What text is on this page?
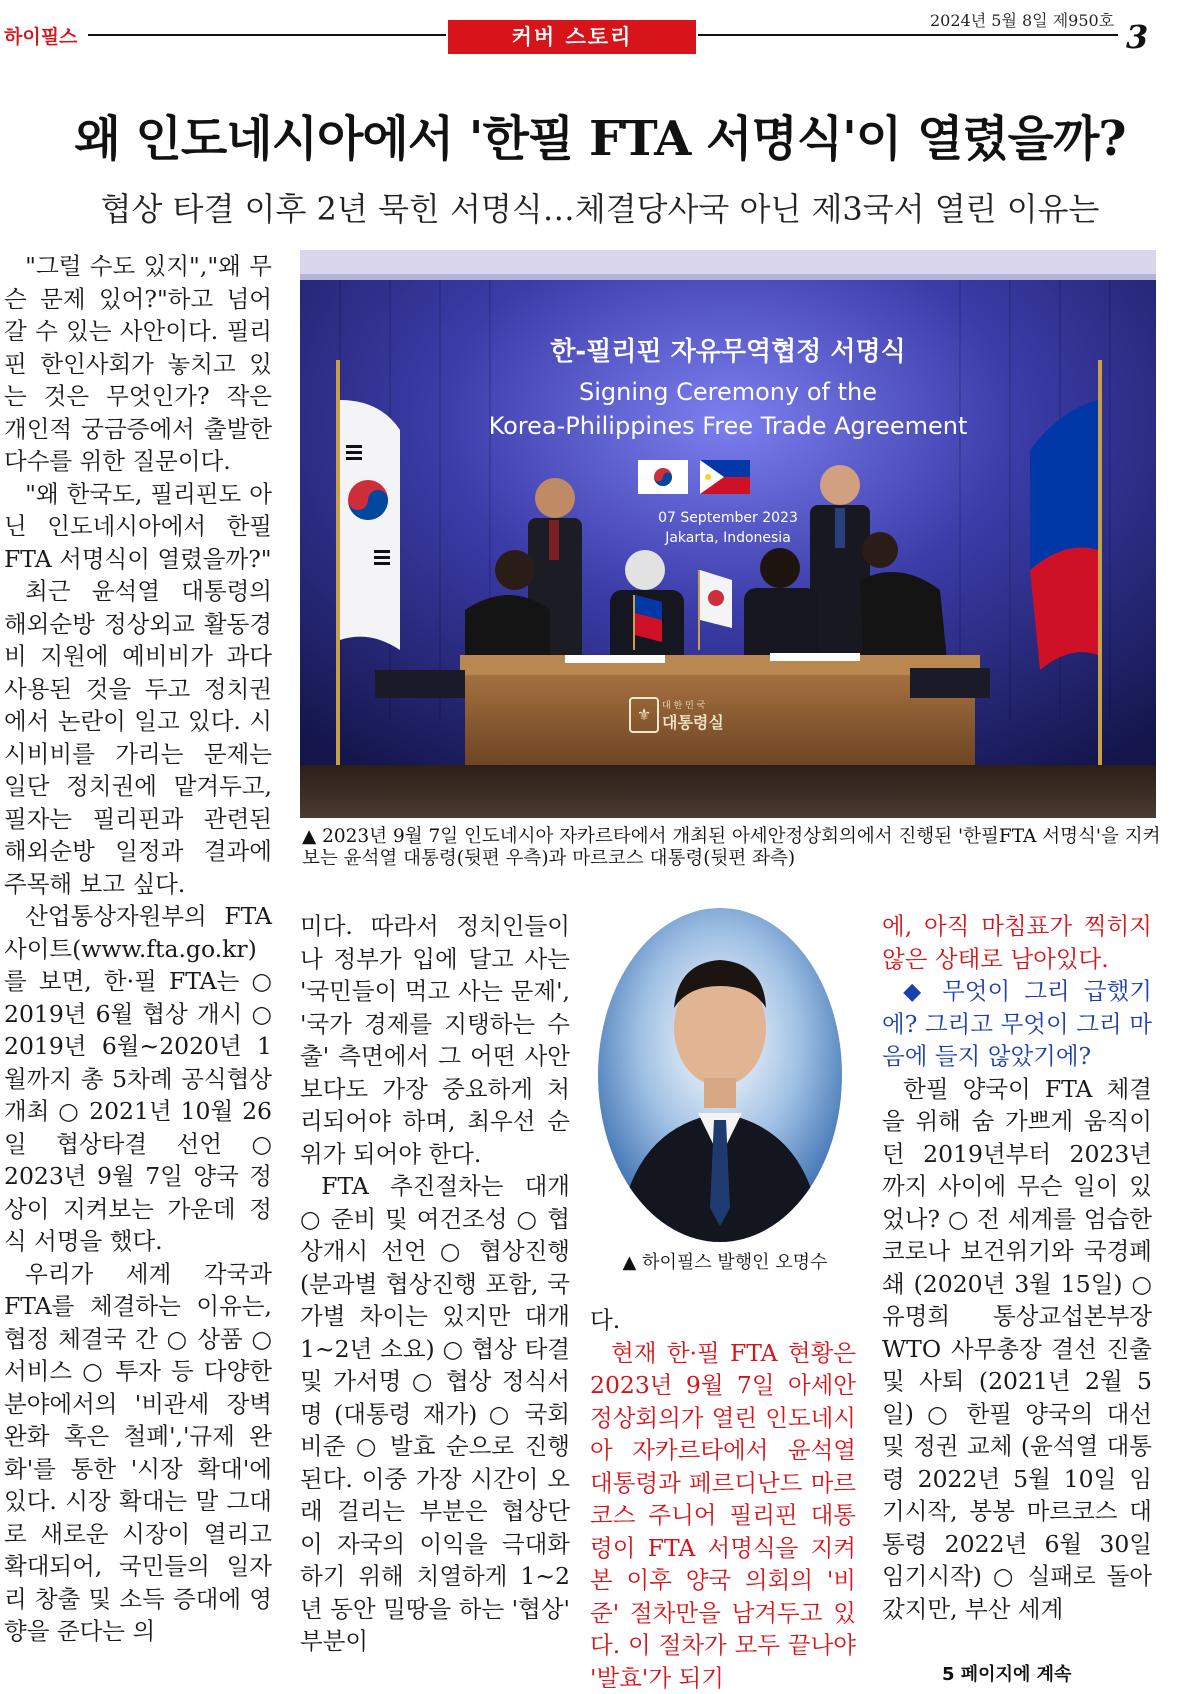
하이필스	커버 스토리
2024년 5월 8일 제950호 3
왜 인도네시아에서 '한필 FTA 서명식'이 열렸을까?
협상 타결 이후 2년 묵힌 서명식…체결당사국 아닌 제3국서 열린 이유는

"그럴 수도 있지","왜 무슨 문제 있어?"하고 넘어갈 수 있는 사안이다. 필리핀 한인사회가 놓치고 있는 것은 무엇인가? 작은 개인적 궁금증에서 출발한 다수를 위한 질문이다.

"왜 한국도, 필리핀도 아닌 인도네시아에서 한필 FTA 서명식이 열렸을까?"

최근 윤석열 대통령의 해외순방 정상외교 활동경비 지원에 예비비가 과다 사용된 것을 두고 정치권에서 논란이 일고 있다. 시시비비를 가리는 문제는 일단 정치권에 맡겨두고, 필자는 필리핀과 관련된 해외순방 일정과 결과에 주목해 보고 싶다.

산업통상자원부의 FTA 사이트(www.fta.go.kr)를 보면, 한·필 FTA는 ○ 2019년 6월 협상 개시 ○ 2019년 6월~2020년 1월까지 총 5차례 공식협상 개최 ○ 2021년 10월 26일 협상타결 선언 ○ 2023년 9월 7일 양국 정상이 지켜보는 가운데 정식 서명을 했다.

우리가 세계 각국과 FTA를 체결하는 이유는, 협정 체결국 간 ○ 상품 ○ 서비스 ○ 투자 등 다양한 분야에서의 '비관세 장벽 완화 혹은 철폐','규제 완화'를 통한 '시장 확대'에 있다. 시장 확대는 말 그대로 새로운 시장이 열리고 확대되어, 국민들의 일자리 창출 및 소득 증대에 영향을 준다는 의

한-필리핀 자유무역협정 서명식
Signing Ceremony of the
Korea-Philippines Free Trade Agreement
07 September 2023
Jakarta, Indonesia
⚜ 대 한 민 국
대통령실
▲ 2023년 9월 7일 인도네시아 자카르타에서 개최된 아세안정상회의에서 진행된 '한필FTA 서명식'을 지켜보는 윤석열 대통령(뒷편 우측)과 마르코스 대통령(뒷편 좌측)

미다. 따라서 정치인들이나 정부가 입에 달고 사는 '국민들이 먹고 사는 문제', '국가 경제를 지탱하는 수출' 측면에서 그 어떤 사안보다도 가장 중요하게 처리되어야 하며, 최우선 순위가 되어야 한다.

FTA 추진절차는 대개 ○ 준비 및 여건조성 ○ 협상개시 선언 ○ 협상진행 (분과별 협상진행 포함, 국가별 차이는 있지만 대개 1~2년 소요) ○ 협상 타결 및 가서명 ○ 협상 정식서명 (대통령 재가) ○ 국회 비준 ○ 발효 순으로 진행된다. 이중 가장 시간이 오래 걸리는 부분은 협상단이 자국의 이익을 극대화하기 위해 치열하게 1~2년 동안 밀땅을 하는 '협상' 부분이

▲ 하이필스 발행인 오명수

다.

현재 한·필 FTA 현황은 2023년 9월 7일 아세안 정상회의가 열린 인도네시아 자카르타에서 윤석열 대통령과 페르디난드 마르코스 주니어 필리핀 대통령이 FTA 서명식을 지켜 본 이후 양국 의회의 '비준' 절차만을 남겨두고 있다. 이 절차가 모두 끝나야 '발효'가 되기

에, 아직 마침표가 찍히지 않은 상태로 남아있다.

◆ 무엇이 그리 급했기에? 그리고 무엇이 그리 마음에 들지 않았기에?

한필 양국이 FTA 체결을 위해 숨 가쁘게 움직이던 2019년부터 2023년까지 사이에 무슨 일이 있었나? ○ 전 세계를 엄습한 코로나 보건위기와 국경폐쇄 (2020년 3월 15일) ○ 유명희 통상교섭본부장 WTO 사무총장 결선 진출 및 사퇴 (2021년 2월 5일) ○ 한필 양국의 대선 및 정권 교체 (윤석열 대통령 2022년 5월 10일 임기시작, 봉봉 마르코스 대통령 2022년 6월 30일 임기시작) ○ 실패로 돌아갔지만, 부산 세계

5 페이지에 계속
